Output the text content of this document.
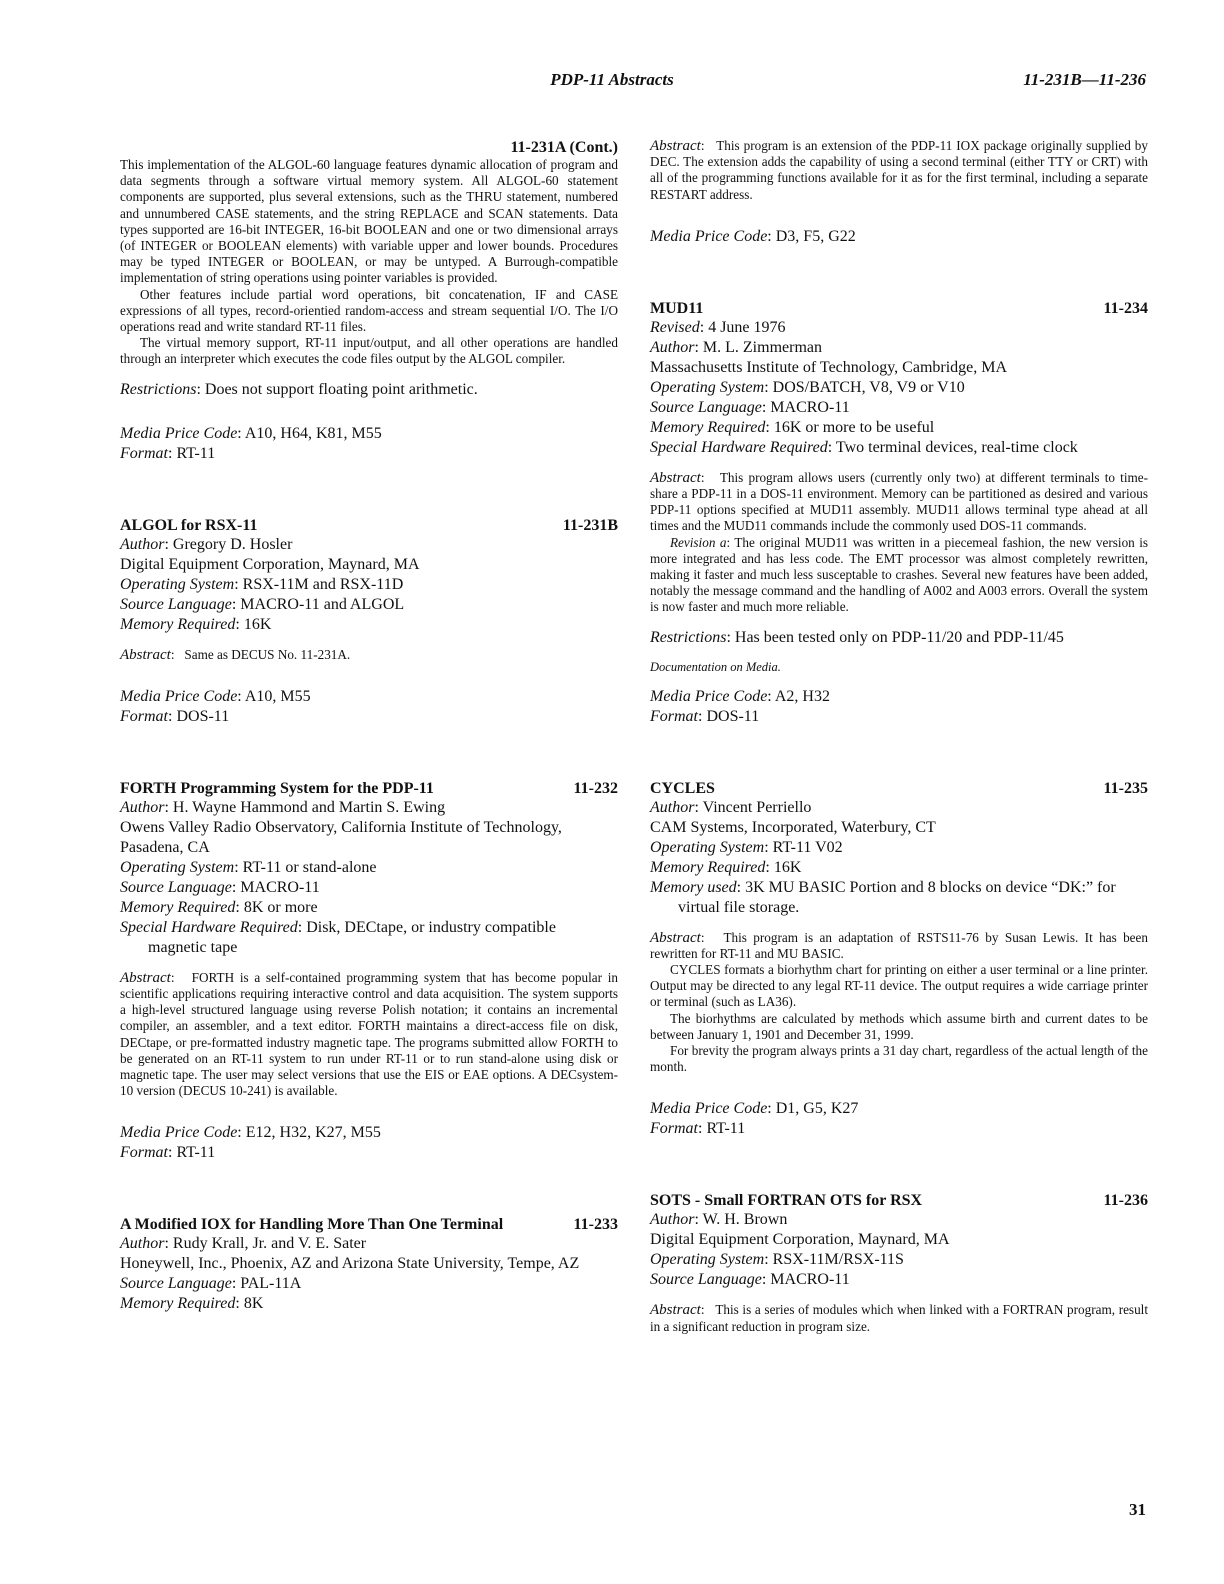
PDP-11 Abstracts	11-231B—11-236
11-231A (Cont.)

This implementation of the ALGOL-60 language features dynamic allocation of program and data segments through a software virtual memory system. All ALGOL-60 statement components are supported, plus several extensions, such as the THRU statement, numbered and unnumbered CASE statements, and the string REPLACE and SCAN statements. Data types supported are 16-bit INTEGER, 16-bit BOOLEAN and one or two dimensional arrays (of INTEGER or BOOLEAN elements) with variable upper and lower bounds. Procedures may be typed INTEGER or BOOLEAN, or may be untyped. A Burrough-compatible implementation of string operations using pointer variables is provided.

Other features include partial word operations, bit concatenation, IF and CASE expressions of all types, record-orientied random-access and stream sequential I/O. The I/O operations read and write standard RT-11 files.

The virtual memory support, RT-11 input/output, and all other operations are handled through an interpreter which executes the code files output by the ALGOL compiler.

Restrictions: Does not support floating point arithmetic.
Media Price Code: A10, H64, K81, M55
Format: RT-11
ALGOL for RSX-11	11-231B
Author: Gregory D. Hosler
Digital Equipment Corporation, Maynard, MA
Operating System: RSX-11M and RSX-11D
Source Language: MACRO-11 and ALGOL
Memory Required: 16K
Abstract:   Same as DECUS No. 11-231A.
Media Price Code: A10, M55
Format: DOS-11
FORTH Programming System for the PDP-11	11-232
Author: H. Wayne Hammond and Martin S. Ewing
Owens Valley Radio Observatory, California Institute of Technology, Pasadena, CA
Operating System: RT-11 or stand-alone
Source Language: MACRO-11
Memory Required: 8K or more
Special Hardware Required: Disk, DECtape, or industry compatible magnetic tape
Abstract:   FORTH is a self-contained programming system that has become popular in scientific applications requiring interactive control and data acquisition. The system supports a high-level structured language using reverse Polish notation; it contains an incremental compiler, an assembler, and a text editor. FORTH maintains a direct-access file on disk, DECtape, or pre-formatted industry magnetic tape. The programs submitted allow FORTH to be generated on an RT-11 system to run under RT-11 or to run stand-alone using disk or magnetic tape. The user may select versions that use the EIS or EAE options. A DECsystem-10 version (DECUS 10-241) is available.
Media Price Code: E12, H32, K27, M55
Format: RT-11
A Modified IOX for Handling More Than One Terminal	11-233
Author: Rudy Krall, Jr. and V. E. Sater
Honeywell, Inc., Phoenix, AZ and Arizona State University, Tempe, AZ
Source Language: PAL-11A
Memory Required: 8K
Abstract:   This program is an extension of the PDP-11 IOX package originally supplied by DEC. The extension adds the capability of using a second terminal (either TTY or CRT) with all of the programming functions available for it as for the first terminal, including a separate RESTART address.
Media Price Code: D3, F5, G22
MUD11	11-234
Revised: 4 June 1976
Author: M. L. Zimmerman
Massachusetts Institute of Technology, Cambridge, MA
Operating System: DOS/BATCH, V8, V9 or V10
Source Language: MACRO-11
Memory Required: 16K or more to be useful
Special Hardware Required: Two terminal devices, real-time clock

Abstract:   This program allows users (currently only two) at different terminals to time-share a PDP-11 in a DOS-11 environment. Memory can be partitioned as desired and various PDP-11 options specified at MUD11 assembly. MUD11 allows terminal type ahead at all times and the MUD11 commands include the commonly used DOS-11 commands.

Revision a: The original MUD11 was written in a piecemeal fashion, the new version is more integrated and has less code. The EMT processor was almost completely rewritten, making it faster and much less susceptable to crashes. Several new features have been added, notably the message command and the handling of A002 and A003 errors. Overall the system is now faster and much more reliable.

Restrictions: Has been tested only on PDP-11/20 and PDP-11/45
Documentation on Media.
Media Price Code: A2, H32
Format: DOS-11
CYCLES	11-235
Author: Vincent Perriello
CAM Systems, Incorporated, Waterbury, CT
Operating System: RT-11 V02
Memory Required: 16K
Memory used: 3K MU BASIC Portion and 8 blocks on device “DK:” for virtual file storage.

Abstract:   This program is an adaptation of RSTS11-76 by Susan Lewis. It has been rewritten for RT-11 and MU BASIC.

CYCLES formats a biorhythm chart for printing on either a user terminal or a line printer. Output may be directed to any legal RT-11 device. The output requires a wide carriage printer or terminal (such as LA36).

The biorhythms are calculated by methods which assume birth and current dates to be between January 1, 1901 and December 31, 1999.

For brevity the program always prints a 31 day chart, regardless of the actual length of the month.

Media Price Code: D1, G5, K27
Format: RT-11
SOTS - Small FORTRAN OTS for RSX	11-236
Author: W. H. Brown
Digital Equipment Corporation, Maynard, MA
Operating System: RSX-11M/RSX-11S
Source Language: MACRO-11
Abstract:   This is a series of modules which when linked with a FORTRAN program, result in a significant reduction in program size.
31
